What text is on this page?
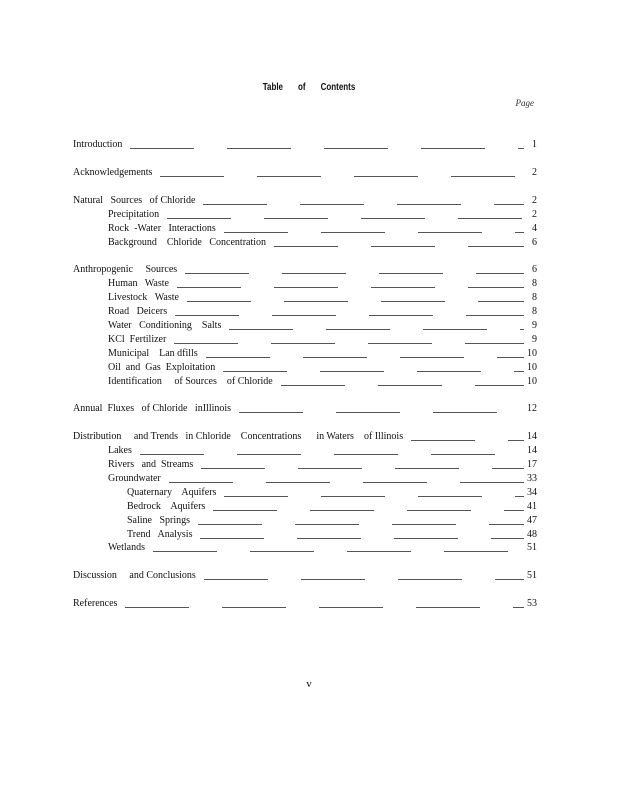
Table of Contents
Page
Introduction	1
Acknowledgements	2
Natural   Sources   of Chloride	2
Precipitation	2
Rock  -Water   Interactions	4
Background    Chloride   Concentration	6
Anthropogenic     Sources	6
Human   Waste	8
Livestock   Waste	8
Road   Deicers	8
Water   Conditioning    Salts	9
KCl  Fertilizer	9
Municipal    Lan dfills	10
Oil  and  Gas  Exploitation	10
Identification     of Sources    of Chloride	10
Annual  Fluxes   of Chloride   inIllinois	12
Distribution     and Trends   in Chloride    Concentrations      in Waters    of Illinois	14
Lakes	14
Rivers   and  Streams	17
Groundwater	33
Quaternary    Aquifers	34
Bedrock    Aquifers	41
Saline   Springs	47
Trend   Analysis	48
Wetlands	51
Discussion     and Conclusions	51
References	53
v
